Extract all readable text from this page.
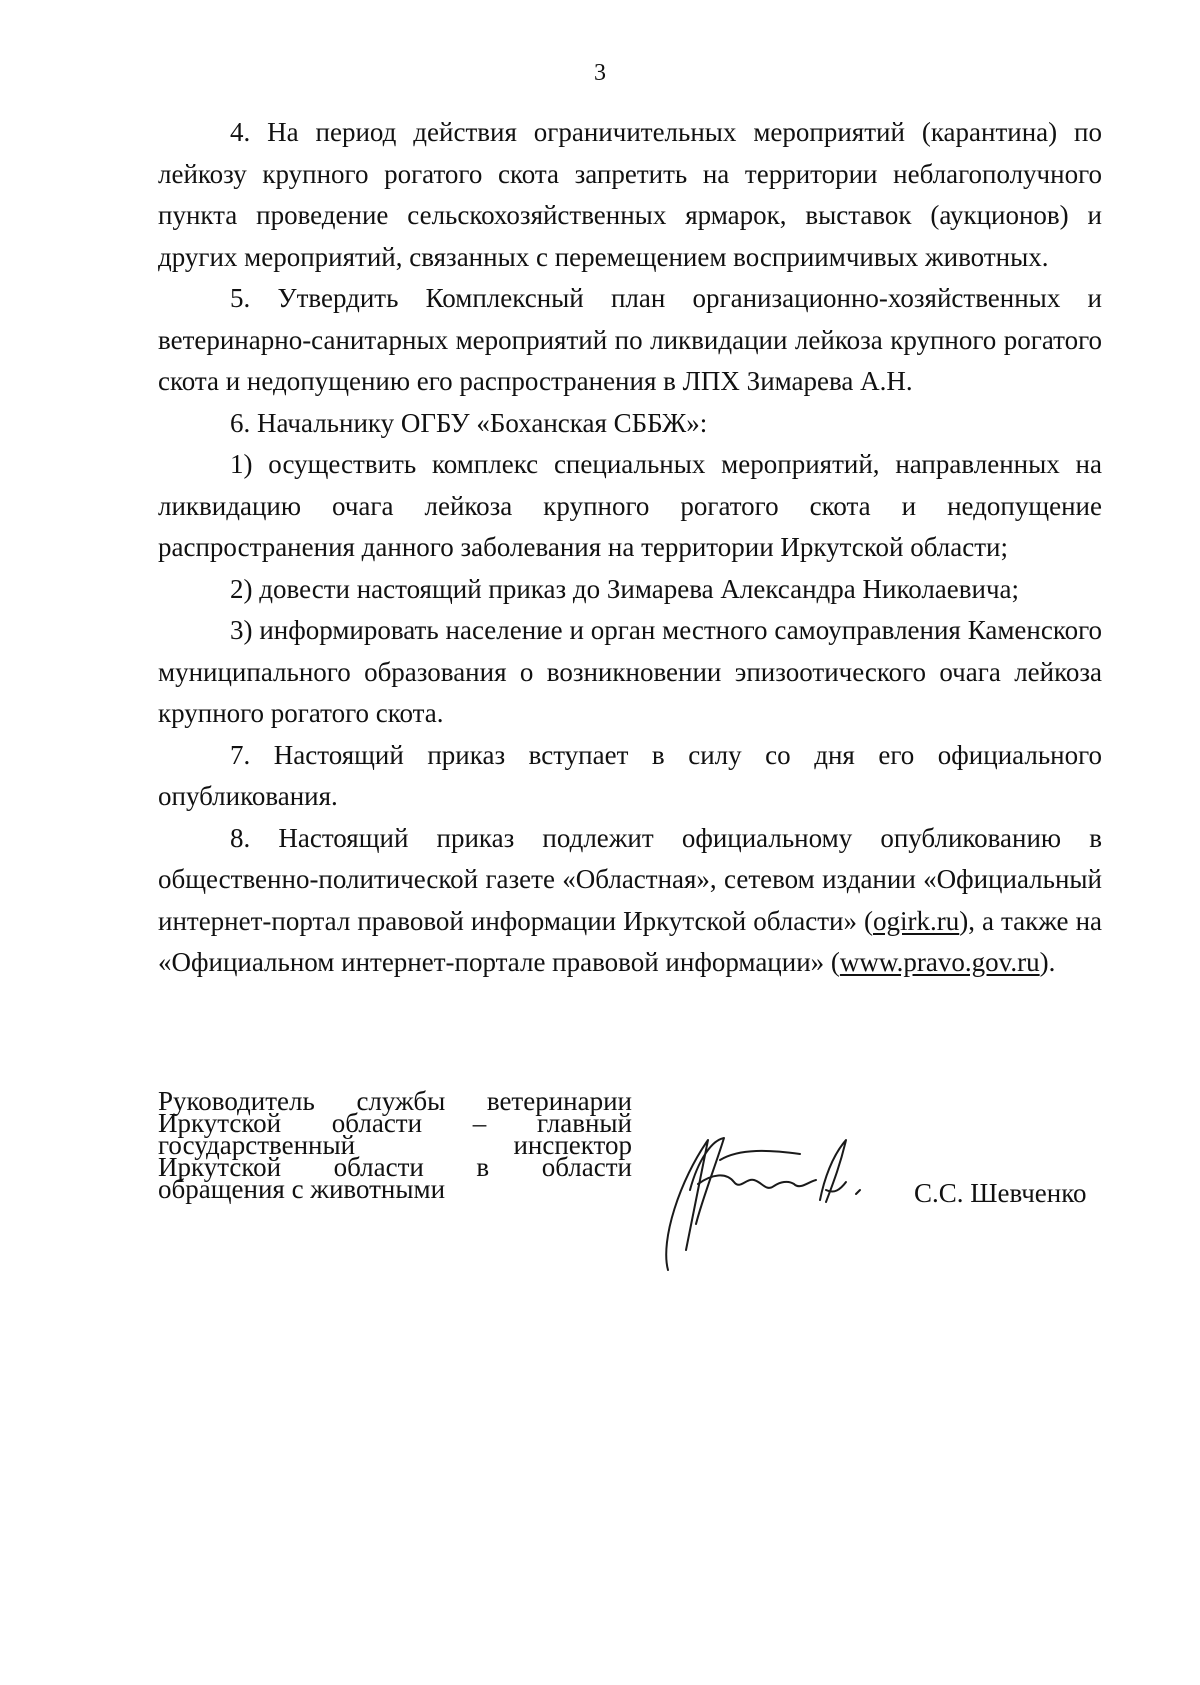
3

4. На период действия ограничительных мероприятий (карантина) по лейкозу крупного рогатого скота запретить на территории неблагополучного пункта проведение сельскохозяйственных ярмарок, выставок (аукционов) и других мероприятий, связанных с перемещением восприимчивых животных.

5. Утвердить Комплексный план организационно-хозяйственных и ветеринарно-санитарных мероприятий по ликвидации лейкоза крупного рогатого скота и недопущению его распространения в ЛПХ Зимарева А.Н.

6. Начальнику ОГБУ «Боханская СББЖ»:

1) осуществить комплекс специальных мероприятий, направленных на ликвидацию очага лейкоза крупного рогатого скота и недопущение распространения данного заболевания на территории Иркутской области;

2) довести настоящий приказ до Зимарева Александра Николаевича;

3) информировать население и орган местного самоуправления Каменского муниципального образования о возникновении эпизоотического очага лейкоза крупного рогатого скота.

7. Настоящий приказ вступает в силу со дня его официального опубликования.

8. Настоящий приказ подлежит официальному опубликованию в общественно-политической газете «Областная», сетевом издании «Официальный интернет-портал правовой информации Иркутской области» (ogirk.ru), а также на «Официальном интернет-портале правовой информации» (www.pravo.gov.ru).

Руководитель службы ветеринарии
Иркутской области – главный
государственный инспектор
Иркутской области в области
обращения с животными	С.С. Шевченко
